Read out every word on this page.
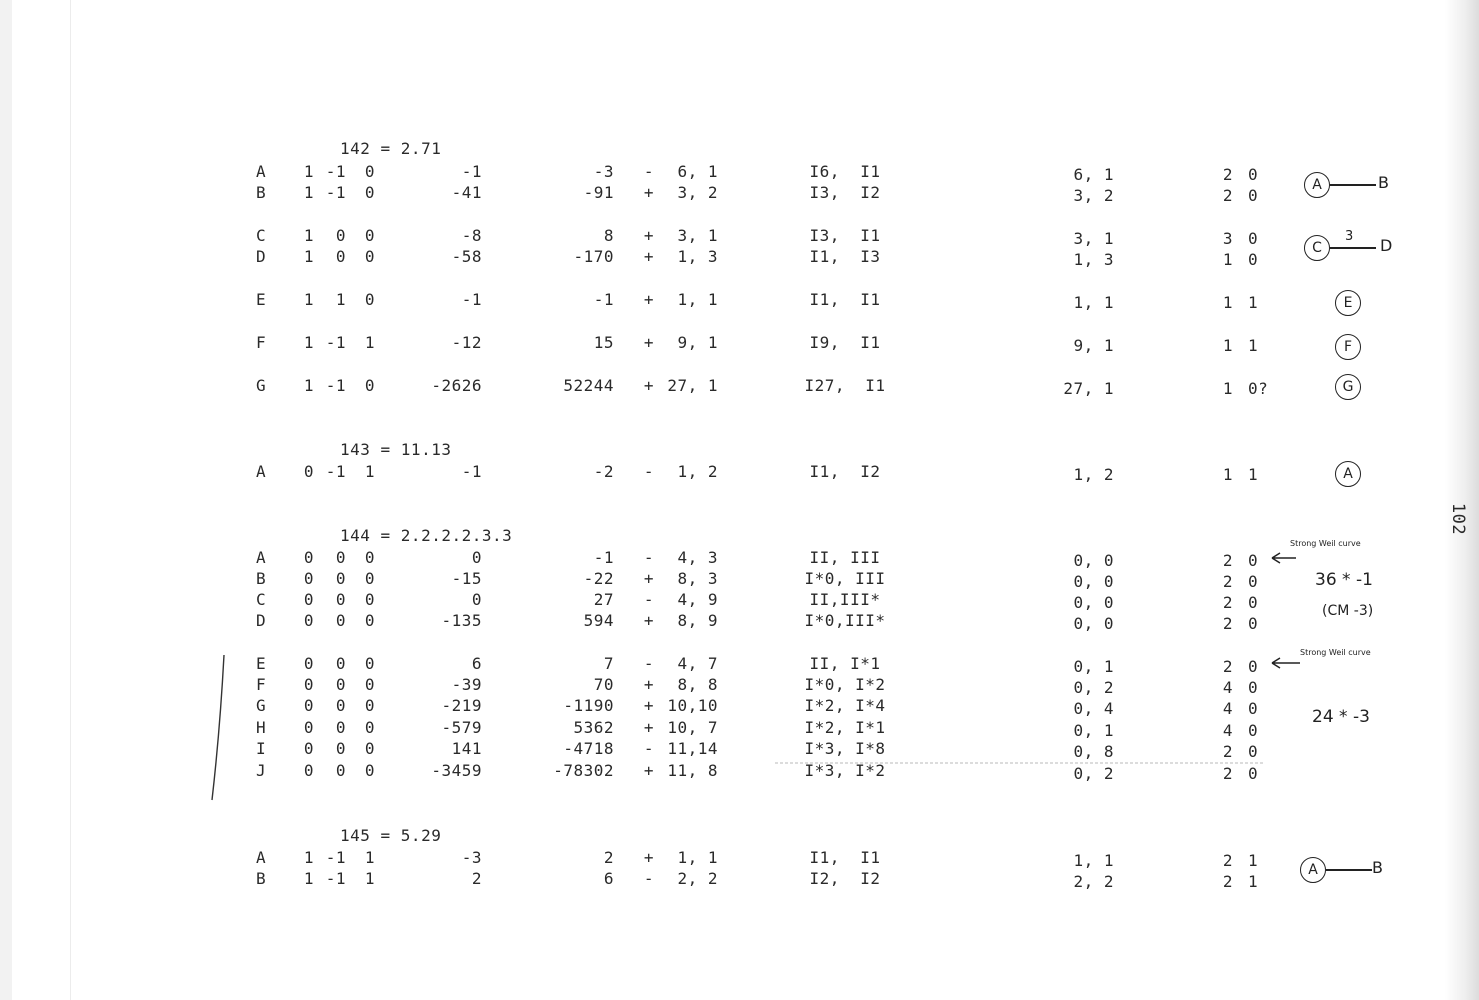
142 = 2.71
A	1 -1	0	-1	-3 -	6, 1	I6,  I1	6, 1	2 0
B	1 -1	0	-41	-91 +	3, 2	I3,  I2	3, 2	2 0
C	1	0	0	-8	8 +	3, 1	I3,  I1	3, 1	3 0
D	1	0	0	-58	-170 +	1, 3	I1,  I3	1, 3	1 0
E	1	1	0	-1	-1 +	1, 1	I1,  I1	1, 1	1 1
F	1 -1	1	-12	15 +	9, 1	I9,  I1	9, 1	1 1
G	1 -1	0	-2626	52244 + 27, 1	I27,  I1	27, 1	1 0?
143 = 11.13
A	0 -1	1	-1	-2 -	1, 2	I1,  I2	1, 2	1 1
144 = 2.2.2.2.3.3
A	0	0	0	0	-1 -	4, 3	II, III	0, 0	2 0
B	0	0	0	-15	-22 +	8, 3	I*0, III	0, 0	2 0
C	0	0	0	0	27 -	4, 9	II,III*	0, 0	2 0
D	0	0	0	-135	594 +	8, 9	I*0,III*	0, 0	2 0
E	0	0	0	6	7 -	4, 7	II, I*1	0, 1	2 0
F	0	0	0	-39	70 +	8, 8	I*0, I*2	0, 2	4 0
G	0	0	0	-219	-1190 + 10,10	I*2, I*4	0, 4	4 0
H	0	0	0	-579	5362 + 10, 7	I*2, I*1	0, 1	4 0
I	0	0	0	141	-4718 - 11,14	I*3, I*8	0, 8	2 0
J	0	0	0	-3459	-78302 + 11, 8	I*3, I*2	0, 2	2 0
145 = 5.29
A	1 -1	1	-3	2 +	1, 1	I1,  I1	1, 1	2 1
B	1 -1	1	2	6 -	2, 2	I2,  I2	2, 2	2 1
102
A	B
C
3 D
E
F
G
A
Strong Weil curve
36 * -1
(CM -3)
Strong Weil curve
24 * -3
A	B
